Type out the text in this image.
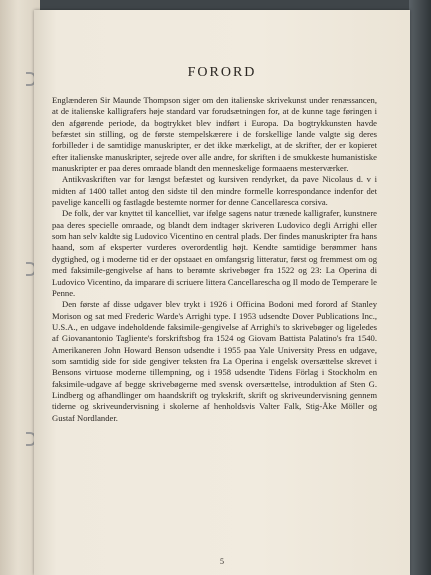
FORORD
5

Englænderen Sir Maunde Thompson siger om den italienske skrivekunst under renæssancen, at de italienske kalligrafers høje standard var forudsætningen for, at de kunne tage føringen i den afgørende periode, da bogtrykket blev indført i Europa. Da bogtrykkunsten havde befæstet sin stilling, og de første stempelskærere i de forskellige lande valgte sig deres forbilleder i de samtidige manuskripter, er det ikke mærkeligt, at de skrifter, der er kopieret efter italienske manuskripter, sejrede over alle andre, for skriften i de smukkeste humanistiske manuskripter er paa deres omraade blandt den menneskelige formaaens mesterværker.

Antikvaskriften var for længst befæstet og kursiven rendyrket, da pave Nicolaus d. v i midten af 1400 tallet antog den sidste til den mindre formelle korrespondance indenfor det pavelige kancelli og fastlagde bestemte normer for denne Cancellaresca corsiva.

De folk, der var knyttet til kancelliet, var ifølge sagens natur trænede kalligrafer, kunstnere paa deres specielle omraade, og blandt dem indtager skriveren Ludovico degli Arrighi eller som han selv kaldte sig Ludovico Vicentino en central plads. Der findes manuskripter fra hans haand, som af eksperter vurderes overordentlig højt. Kendte samtidige berømmer hans dygtighed, og i moderne tid er der opstaaet en omfangsrig litteratur, først og fremmest om og med faksimile-gengivelse af hans to berømte skrivebøger fra 1522 og 23: La Operina di Ludovico Vicentino, da imparare di scriuere littera Cancellarescha og Il modo de Temperare le Penne.

Den første af disse udgaver blev trykt i 1926 i Officina Bodoni med forord af Stanley Morison og sat med Frederic Warde's Arrighi type. I 1953 udsendte Dover Publications Inc., U.S.A., en udgave indeholdende faksimile-gengivelse af Arrighi's to skrivebøger og ligeledes af Giovanantonio Tagliente's forskriftsbog fra 1524 og Giovam Battista Palatino's fra 1540. Amerikaneren John Howard Benson udsendte i 1955 paa Yale University Press en udgave, som samtidig side for side gengiver teksten fra La Operina i engelsk oversættelse skrevet i Bensons virtuose moderne tillempning, og i 1958 udsendte Tidens Förlag i Stockholm en faksimile-udgave af begge skrivebøgerne med svensk oversættelse, introduktion af Sten G. Lindberg og afhandlinger om haandskrift og trykskrift, skrift og skriveundervisning gennem tiderne og skriveundervisning i skolerne af henholdsvis Valter Falk, Stig-Åke Möller og Gustaf Nordlander.
